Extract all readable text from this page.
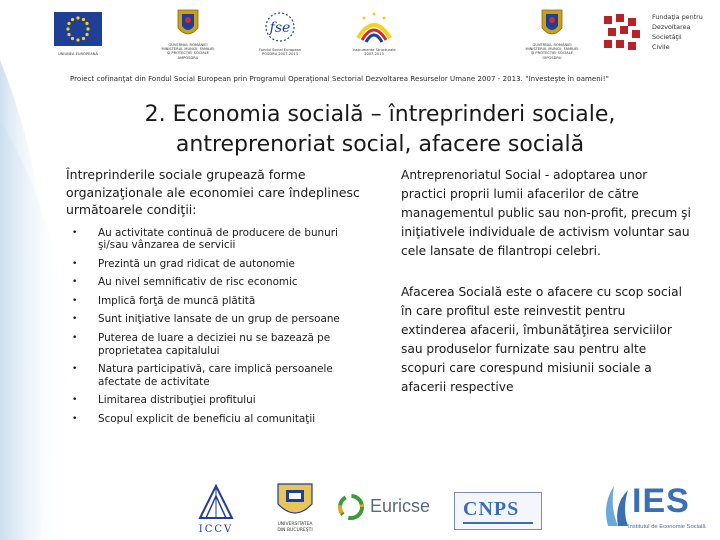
UNIUNEA EUROPEANĂ
GUVERNUL ROMÂNIEI
MINISTERUL MUNCII, FAMILIEI
ŞI PROTECŢIEI SOCIALE
AMPOSDRU
fse
Fondul Social European
POSDRU 2007-2013
Instrumente Structurale
2007-2013
GUVERNUL ROMÂNIEI
MINISTERUL MUNCII, FAMILIEI
ŞI PROTECŢIEI SOCIALE
OIPOSDRU
Fundaţia pentru
Dezvoltarea
Societăţii
Civile
Proiect cofinanţat din Fondul Social European prin Programul Operaţional Sectorial Dezvoltarea Resurselor Umane 2007 - 2013. "Investeşte în oameni!"
2. Economia socială – întreprinderi sociale,
antreprenoriat social, afacere socială

Întreprinderile sociale grupează forme organizaţionale ale economiei care îndeplinesc următoarele condiţii:

• Au activitate continuă de producere de bunuri şi/sau vânzarea de servicii
• Prezintă un grad ridicat de autonomie
• Au nivel semnificativ de risc economic
• Implică forţă de muncă plătită
• Sunt iniţiative lansate de un grup de persoane
• Puterea de luare a deciziei nu se bazează pe proprietatea capitalului
• Natura participativă, care implică persoanele afectate de activitate
• Limitarea distribuţiei profitului
• Scopul explicit de beneficiu al comunitaţii

Antreprenoriatul Social - adoptarea unor practici proprii lumii afacerilor de către managementul public sau non-profit, precum şi iniţiativele individuale de activism voluntar sau cele lansate de filantropi celebri.

Afacerea Socială este o afacere cu scop social în care profitul este reinvestit pentru extinderea afacerii, îmbunătăţirea serviciilor sau produselor furnizate sau pentru alte scopuri care corespund misiunii sociale a afacerii respective

ICCV	UNIVERSITATEA
DIN BUCUREŞTI
Euricse CNPS	IES
Institutul de Economie Socială
